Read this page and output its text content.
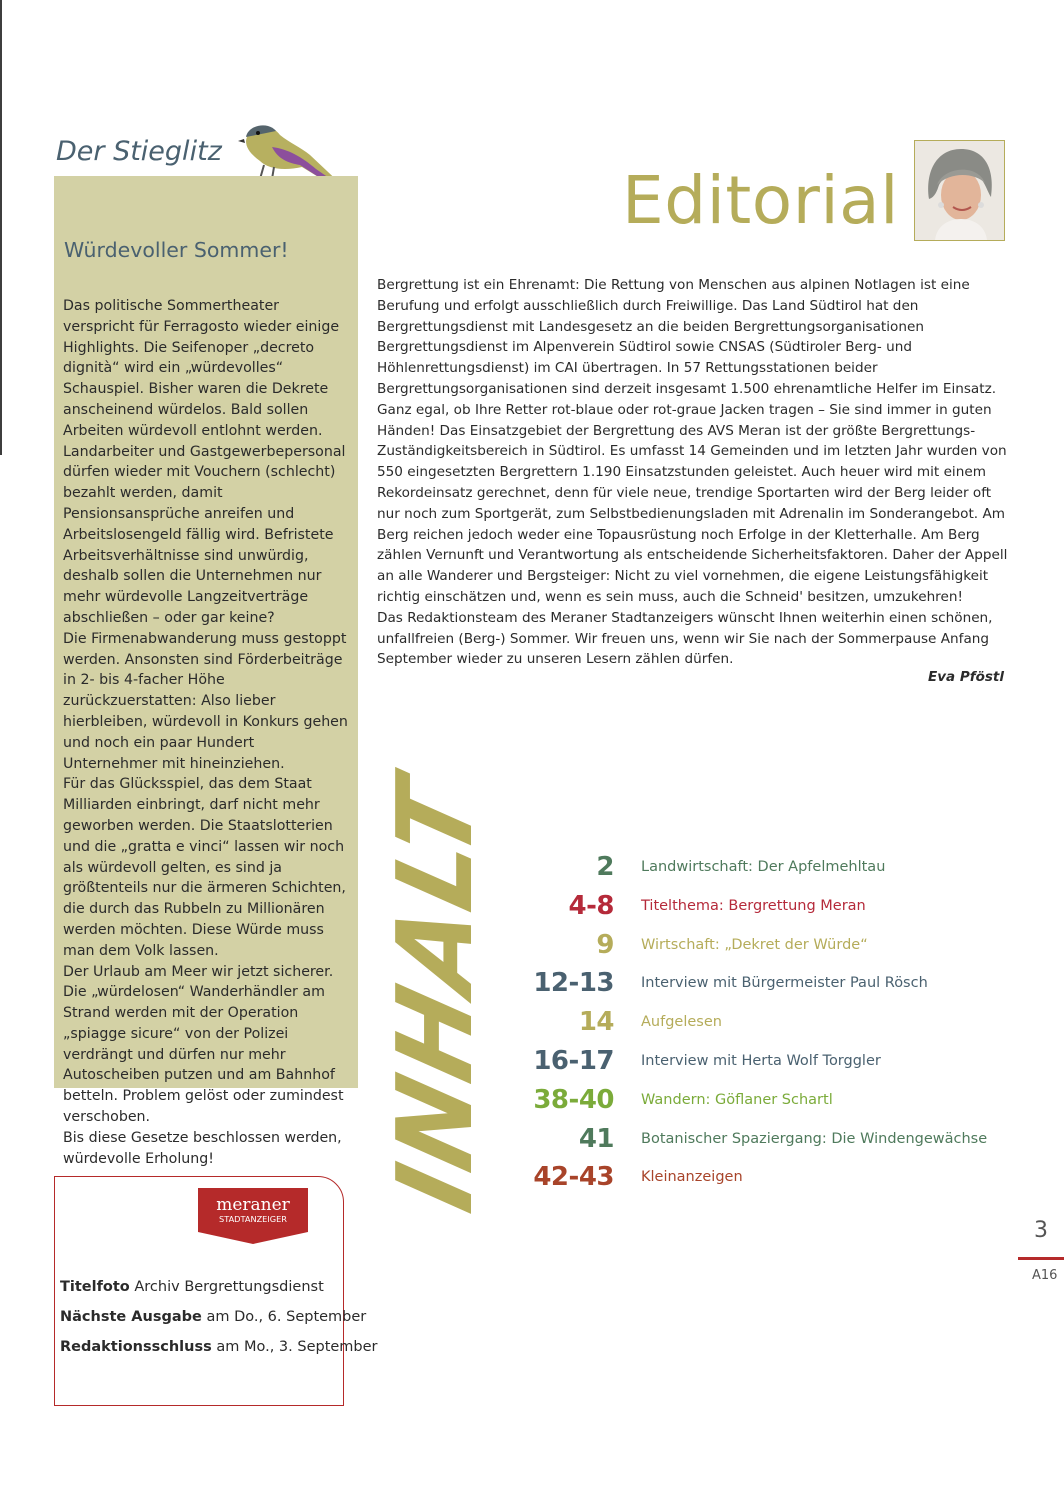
Der Stieglitz
Würdevoller Sommer!

Das politische Sommertheater verspricht für Ferragosto wieder einige Highlights. Die Seifenoper „decreto dignità“ wird ein „würdevolles“ Schauspiel. Bisher waren die Dekrete anscheinend würdelos. Bald sollen Arbeiten würdevoll entlohnt werden. Landarbeiter und Gastgewerbepersonal dürfen wieder mit Vouchern (schlecht) bezahlt werden, damit Pensionsansprüche anreifen und Arbeitslosengeld fällig wird. Befristete Arbeitsverhältnisse sind unwürdig, deshalb sollen die Unternehmen nur mehr würdevolle Langzeitverträge abschließen – oder gar keine?

Die Firmenabwanderung muss gestoppt werden. Ansonsten sind Förderbeiträge in 2- bis 4-facher Höhe zurückzuerstatten: Also lieber hierbleiben, würdevoll in Konkurs gehen und noch ein paar Hundert Unternehmer mit hineinziehen.

Für das Glücksspiel, das dem Staat Milliarden einbringt, darf nicht mehr geworben werden. Die Staatslotterien und die „gratta e vinci“ lassen wir noch als würdevoll gelten, es sind ja größtenteils nur die ärmeren Schichten, die durch das Rubbeln zu Millionären werden möchten. Diese Würde muss man dem Volk lassen.

Der Urlaub am Meer wir jetzt sicherer. Die „würdelosen“ Wanderhändler am Strand werden mit der Operation „spiagge sicure“ von der Polizei verdrängt und dürfen nur mehr Autoscheiben putzen und am Bahnhof betteln. Problem gelöst oder zumindest verschoben.

Bis diese Gesetze beschlossen werden, würdevolle Erholung!

Editorial

Bergrettung ist ein Ehrenamt: Die Rettung von Menschen aus alpinen Notlagen ist eine Berufung und erfolgt ausschließlich durch Freiwillige. Das Land Südtirol hat den Bergrettungsdienst mit Landesgesetz an die beiden Bergrettungsorganisationen Bergrettungsdienst im Alpenverein Südtirol sowie CNSAS (Südtiroler Berg- und Höhlenrettungsdienst) im CAI übertragen. In 57 Rettungsstationen beider Bergrettungsorganisationen sind derzeit insgesamt 1.500 ehrenamtliche Helfer im Einsatz. Ganz egal, ob Ihre Retter rot-blaue oder rot-graue Jacken tragen – Sie sind immer in guten Händen! Das Einsatzgebiet der Bergrettung des AVS Meran ist der größte Bergrettungs-Zuständigkeitsbereich in Südtirol. Es umfasst 14 Gemeinden und im letzten Jahr wurden von 550 eingesetzten Bergrettern 1.190 Einsatzstunden geleistet. Auch heuer wird mit einem Rekordeinsatz gerechnet, denn für viele neue, trendige Sportarten wird der Berg leider oft nur noch zum Sportgerät, zum Selbstbedienungsladen mit Adrenalin im Sonderangebot. Am Berg reichen jedoch weder eine Topausrüstung noch Erfolge in der Kletterhalle. Am Berg zählen Vernunft und Verantwortung als entscheidende Sicherheitsfaktoren. Daher der Appell an alle Wanderer und Bergsteiger: Nicht zu viel vornehmen, die eigene Leistungsfähigkeit richtig einschätzen und, wenn es sein muss, auch die Schneid' besitzen, umzukehren!

Das Redaktionsteam des Meraner Stadtanzeigers wünscht Ihnen weiterhin einen schönen, unfallfreien (Berg-) Sommer. Wir freuen uns, wenn wir Sie nach der Sommerpause Anfang September wieder zu unseren Lesern zählen dürfen.

Eva Pföstl
INHALT	2 Landwirtschaft: Der Apfelmehltau
4-8 Titelthema: Bergrettung Meran
9 Wirtschaft: „Dekret der Würde“
12-13 Interview mit Bürgermeister Paul Rösch
14 Aufgelesen
16-17 Interview mit Herta Wolf Torggler
38-40 Wandern: Göflaner Schartl
41 Botanischer Spaziergang: Die Windengewächse
42-43 Kleinanzeigen
3
A16
meraner
STADTANZEIGER
Titelfoto Archiv Bergrettungsdienst
Nächste Ausgabe am Do., 6. September
Redaktionsschluss am Mo., 3. September
